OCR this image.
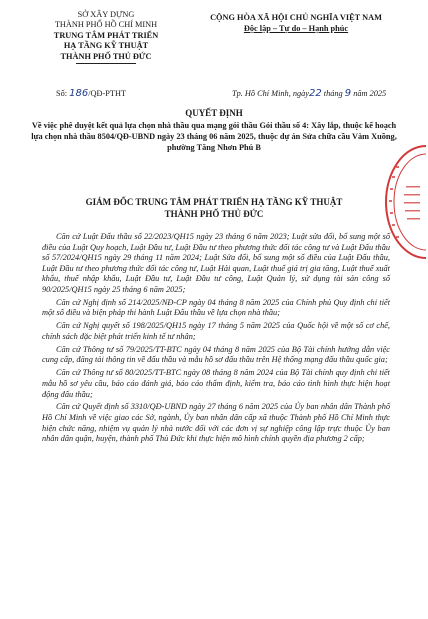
SỞ XÂY DỰNG
THÀNH PHỐ HỒ CHÍ MINH
TRUNG TÂM PHÁT TRIỂN
HẠ TẦNG KỸ THUẬT
THÀNH PHỐ THỦ ĐỨC
CỘNG HÒA XÃ HỘI CHỦ NGHĨA VIỆT NAM
Độc lập – Tự do – Hạnh phúc
Số: 186/QĐ-PTHT	Tp. Hồ Chí Minh, ngày22 tháng 9 năm 2025
QUYẾT ĐỊNH
Về việc phê duyệt kết quả lựa chọn nhà thầu qua mạng gói thầu Gói thầu số 4: Xây lắp, thuộc kế hoạch lựa chọn nhà thầu 8504/QĐ-UBND ngày 23 tháng 06 năm 2025, thuộc dự án Sửa chữa cầu Vàm Xuồng, phường Tăng Nhơn Phú B
GIÁM ĐỐC TRUNG TÂM PHÁT TRIỂN HẠ TẦNG KỸ THUẬT
THÀNH PHỐ THỦ ĐỨC

Căn cứ Luật Đấu thầu số 22/2023/QH15 ngày 23 tháng 6 năm 2023; Luật sửa đổi, bổ sung một số điều của Luật Quy hoạch, Luật Đầu tư, Luật Đầu tư theo phương thức đối tác công tư và Luật Đấu thầu số 57/2024/QH15 ngày 29 tháng 11 năm 2024; Luật Sửa đổi, bổ sung một số điều của Luật Đấu thầu, Luật Đầu tư theo phương thức đối tác công tư, Luật Hải quan, Luật thuế giá trị gia tăng, Luật thuế xuất khẩu, thuế nhập khẩu, Luật Đầu tư, Luật Đầu tư công, Luật Quản lý, sử dụng tài sản công số 90/2025/QH15 ngày 25 tháng 6 năm 2025;

Căn cứ Nghị định số 214/2025/NĐ-CP ngày 04 tháng 8 năm 2025 của Chính phủ Quy định chi tiết một số điều và biện pháp thi hành Luật Đấu thầu về lựa chọn nhà thầu;

Căn cứ Nghị quyết số 198/2025/QH15 ngày 17 tháng 5 năm 2025 của Quốc hội về một số cơ chế, chính sách đặc biệt phát triển kinh tế tư nhân;

Căn cứ Thông tư số 79/2025/TT-BTC ngày 04 tháng 8 năm 2025 của Bộ Tài chính hướng dẫn việc cung cấp, đăng tải thông tin về đấu thầu và mẫu hồ sơ đấu thầu trên Hệ thống mạng đấu thầu quốc gia;

Căn cứ Thông tư số 80/2025/TT-BTC ngày 08 tháng 8 năm 2024 của Bộ Tài chính quy định chi tiết mẫu hồ sơ yêu cầu, báo cáo đánh giá, báo cáo thẩm định, kiểm tra, báo cáo tình hình thực hiện hoạt động đấu thầu;

Căn cứ Quyết định số 3310/QĐ-UBND ngày 27 tháng 6 năm 2025 của Ủy ban nhân dân Thành phố Hồ Chí Minh về việc giao các Sở, ngành, Ủy ban nhân dân cấp xã thuộc Thành phố Hồ Chí Minh thực hiện chức năng, nhiệm vụ quản lý nhà nước đối với các đơn vị sự nghiệp công lập trực thuộc Ủy ban nhân dân quận, huyện, thành phố Thủ Đức khi thực hiện mô hình chính quyền địa phương 2 cấp;
